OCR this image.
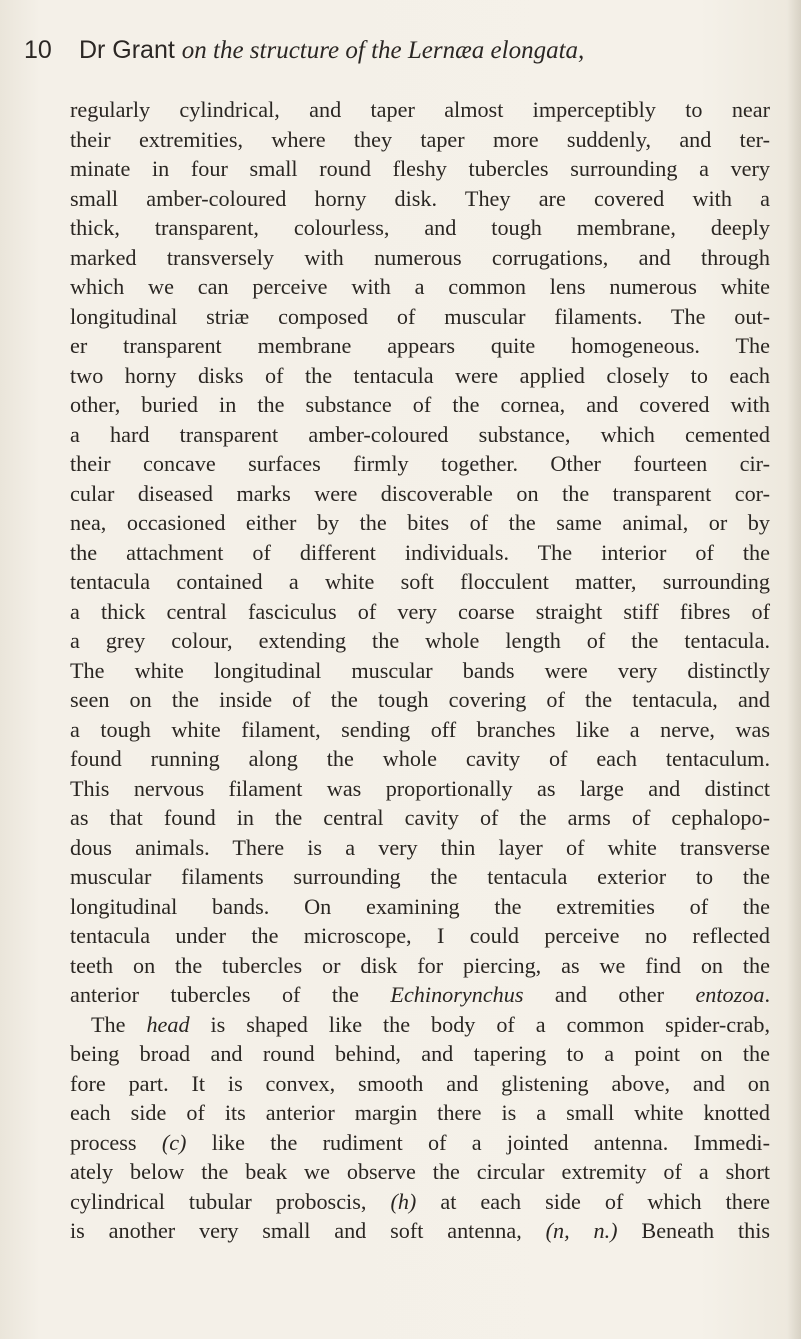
10 Dr Grant on the structure of the Lernæa elongata,
regularly cylindrical, and taper almost imperceptibly to near
their extremities, where they taper more suddenly, and ter-
minate in four small round fleshy tubercles surrounding a very
small amber-coloured horny disk. They are covered with a
thick, transparent, colourless, and tough membrane, deeply
marked transversely with numerous corrugations, and through
which we can perceive with a common lens numerous white
longitudinal striæ composed of muscular filaments. The out-
er transparent membrane appears quite homogeneous. The
two horny disks of the tentacula were applied closely to each
other, buried in the substance of the cornea, and covered with
a hard transparent amber-coloured substance, which cemented
their concave surfaces firmly together. Other fourteen cir-
cular diseased marks were discoverable on the transparent cor-
nea, occasioned either by the bites of the same animal, or by
the attachment of different individuals. The interior of the
tentacula contained a white soft flocculent matter, surrounding
a thick central fasciculus of very coarse straight stiff fibres of
a grey colour, extending the whole length of the tentacula.
The white longitudinal muscular bands were very distinctly
seen on the inside of the tough covering of the tentacula, and
a tough white filament, sending off branches like a nerve, was
found running along the whole cavity of each tentaculum.
This nervous filament was proportionally as large and distinct
as that found in the central cavity of the arms of cephalopo-
dous animals. There is a very thin layer of white transverse
muscular filaments surrounding the tentacula exterior to the
longitudinal bands. On examining the extremities of the
tentacula under the microscope, I could perceive no reflected
teeth on the tubercles or disk for piercing, as we find on the
anterior tubercles of the Echinorynchus and other entozoa.
The head is shaped like the body of a common spider-crab,
being broad and round behind, and tapering to a point on the
fore part. It is convex, smooth and glistening above, and on
each side of its anterior margin there is a small white knotted
process (c) like the rudiment of a jointed antenna. Immedi-
ately below the beak we observe the circular extremity of a short
cylindrical tubular proboscis, (h) at each side of which there
is another very small and soft antenna, (n, n.) Beneath this
